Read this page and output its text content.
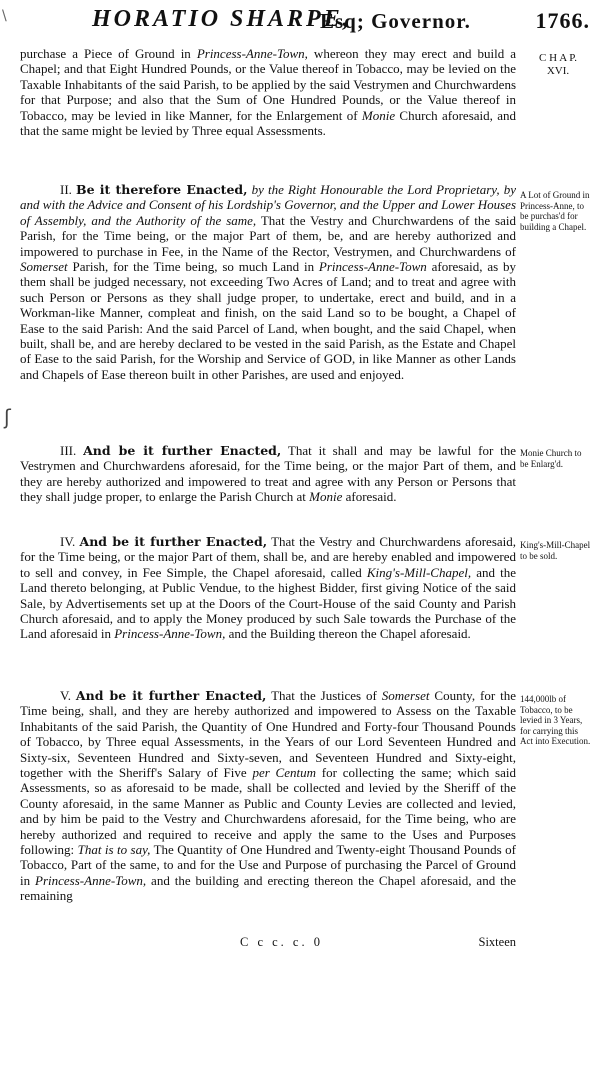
\	HORATIO SHARPE,
Esq; Governor.	1766.
purchase a Piece of Ground in Princess-Anne-Town, whereon they may erect and build a Chapel; and that Eight Hundred Pounds, or the Value thereof in Tobacco, may be levied on the Taxable Inhabitants of the said Parish, to be applied by the said Vestrymen and Churchwardens for that Purpose; and also that the Sum of One Hundred Pounds, or the Value thereof in Tobacco, may be levied in like Manner, for the Enlargement of Monie Church aforesaid, and that the same might be levied by Three equal Assessments.
C H A P.
XVI.
II. Be it therefore Enacted, by the Right Honourable the Lord Proprietary, by and with the Advice and Consent of his Lordship's Governor, and the Upper and Lower Houses of Assembly, and the Authority of the same, That the Vestry and Churchwardens of the said Parish, for the Time being, or the major Part of them, be, and are hereby authorized and impowered to purchase in Fee, in the Name of the Rector, Vestrymen, and Churchwardens of Somerset Parish, for the Time being, so much Land in Princess-Anne-Town aforesaid, as by them shall be judged necessary, not exceeding Two Acres of Land; and to treat and agree with such Person or Persons as they shall judge proper, to undertake, erect and build, and in a Workman-like Manner, compleat and finish, on the said Land so to be bought, a Chapel of Ease to the said Parish: And the said Parcel of Land, when bought, and the said Chapel, when built, shall be, and are hereby declared to be vested in the said Parish, as the Estate and Chapel of Ease to the said Parish, for the Worship and Service of GOD, in like Manner as other Lands and Chapels of Ease thereon built in other Parishes, are used and enjoyed.
A Lot of Ground in Princess-Anne, to be purchas'd for building a Chapel.
ʃ
III. And be it further Enacted, That it shall and may be lawful for the Vestrymen and Churchwardens aforesaid, for the Time being, or the major Part of them, and they are hereby authorized and impowered to treat and agree with any Person or Persons that they shall judge proper, to enlarge the Parish Church at Monie aforesaid.
Monie Church to be Enlarg'd.
IV. And be it further Enacted, That the Vestry and Churchwardens aforesaid, for the Time being, or the major Part of them, shall be, and are hereby enabled and impowered to sell and convey, in Fee Simple, the Chapel aforesaid, called King's-Mill-Chapel, and the Land thereto belonging, at Public Vendue, to the highest Bidder, first giving Notice of the said Sale, by Advertisements set up at the Doors of the Court-House of the said County and Parish Church aforesaid, and to apply the Money produced by such Sale towards the Purchase of the Land aforesaid in Princess-Anne-Town, and the Building thereon the Chapel aforesaid.
King's-Mill-Chapel to be sold.
V. And be it further Enacted, That the Justices of Somerset County, for the Time being, shall, and they are hereby authorized and impowered to Assess on the Taxable Inhabitants of the said Parish, the Quantity of One Hundred and Forty-four Thousand Pounds of Tobacco, by Three equal Assessments, in the Years of our Lord Seventeen Hundred and Sixty-six, Seventeen Hundred and Sixty-seven, and Seventeen Hundred and Sixty-eight, together with the Sheriff's Salary of Five per Centum for collecting the same; which said Assessments, so as aforesaid to be made, shall be collected and levied by the Sheriff of the County aforesaid, in the same Manner as Public and County Levies are collected and levied, and by him be paid to the Vestry and Churchwardens aforesaid, for the Time being, who are hereby authorized and required to receive and apply the same to the Uses and Purposes following: That is to say, The Quantity of One Hundred and Twenty-eight Thousand Pounds of Tobacco, Part of the same, to and for the Use and Purpose of purchasing the Parcel of Ground in Princess-Anne-Town, and the building and erecting thereon the Chapel aforesaid, and the remaining
144,000lb of Tobacco, to be levied in 3 Years, for carrying this Act into Execution.
C c c. c. 0	Sixteen
